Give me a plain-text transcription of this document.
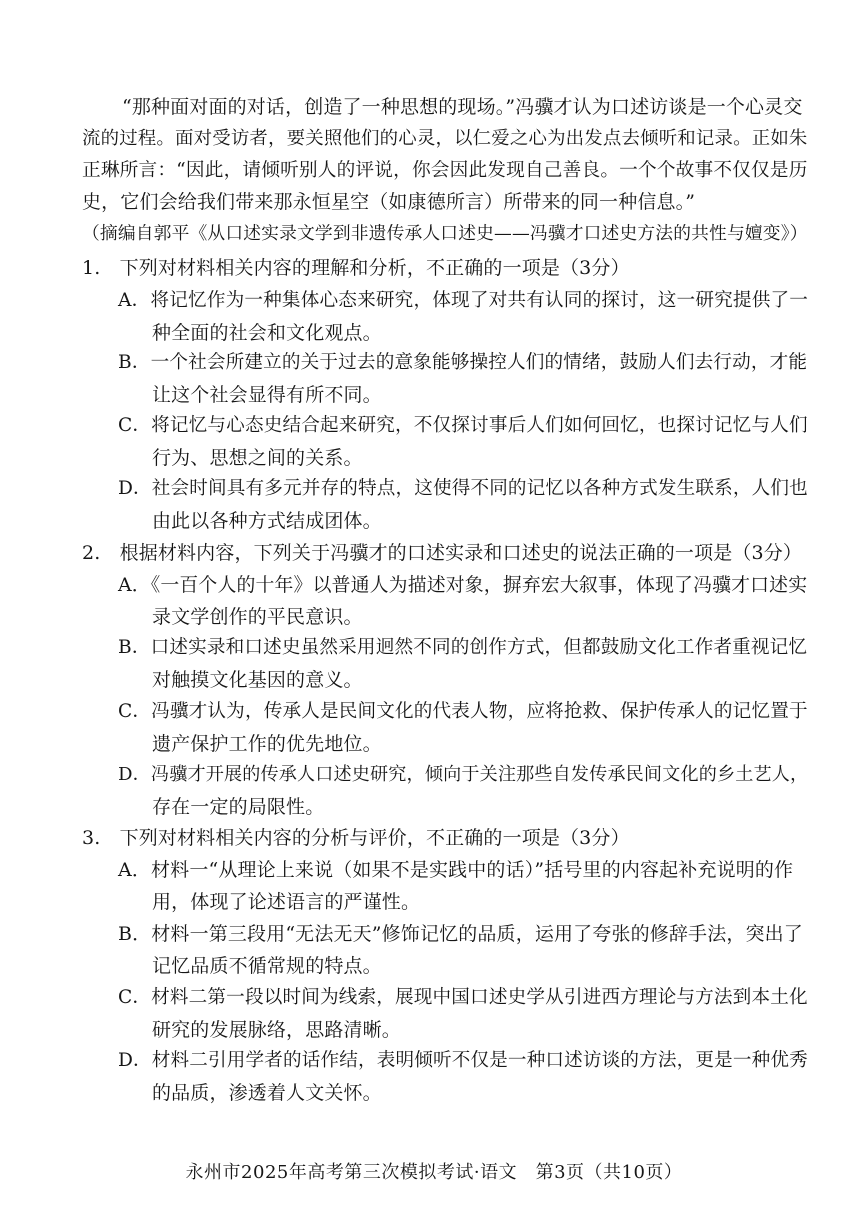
“那种面对面的对话，创造了一种思想的现场。”冯骥才认为口述访谈是一个心灵交
流的过程。面对受访者，要关照他们的心灵，以仁爱之心为出发点去倾听和记录。正如朱
正琳所言：“因此，请倾听别人的评说，你会因此发现自己善良。一个个故事不仅仅是历
史，它们会给我们带来那永恒星空（如康德所言）所带来的同一种信息。”
（摘编自郭平《从口述实录文学到非遗传承人口述史——冯骥才口述史方法的共性与嬗变》）
1.　下列对材料相关内容的理解和分析，不正确的一项是（3分）
A．将记忆作为一种集体心态来研究，体现了对共有认同的探讨，这一研究提供了一
种全面的社会和文化观点。
B．一个社会所建立的关于过去的意象能够操控人们的情绪，鼓励人们去行动，才能
让这个社会显得有所不同。
C．将记忆与心态史结合起来研究，不仅探讨事后人们如何回忆，也探讨记忆与人们
行为、思想之间的关系。
D．社会时间具有多元并存的特点，这使得不同的记忆以各种方式发生联系，人们也
由此以各种方式结成团体。
2.　根据材料内容，下列关于冯骥才的口述实录和口述史的说法正确的一项是（3分）
A．《一百个人的十年》以普通人为描述对象，摒弃宏大叙事，体现了冯骥才口述实
录文学创作的平民意识。
B．口述实录和口述史虽然采用迥然不同的创作方式，但都鼓励文化工作者重视记忆
对触摸文化基因的意义。
C．冯骥才认为，传承人是民间文化的代表人物，应将抢救、保护传承人的记忆置于
遗产保护工作的优先地位。
D．冯骥才开展的传承人口述史研究，倾向于关注那些自发传承民间文化的乡土艺人，
存在一定的局限性。
3.　下列对材料相关内容的分析与评价，不正确的一项是（3分）
A．材料一“从理论上来说（如果不是实践中的话）”括号里的内容起补充说明的作
用，体现了论述语言的严谨性。
B．材料一第三段用“无法无天”修饰记忆的品质，运用了夸张的修辞手法，突出了
记忆品质不循常规的特点。
C．材料二第一段以时间为线索，展现中国口述史学从引进西方理论与方法到本土化
研究的发展脉络，思路清晰。
D．材料二引用学者的话作结，表明倾听不仅是一种口述访谈的方法，更是一种优秀
的品质，渗透着人文关怀。
永州市2025年高考第三次模拟考试·语文　第3页（共10页）
